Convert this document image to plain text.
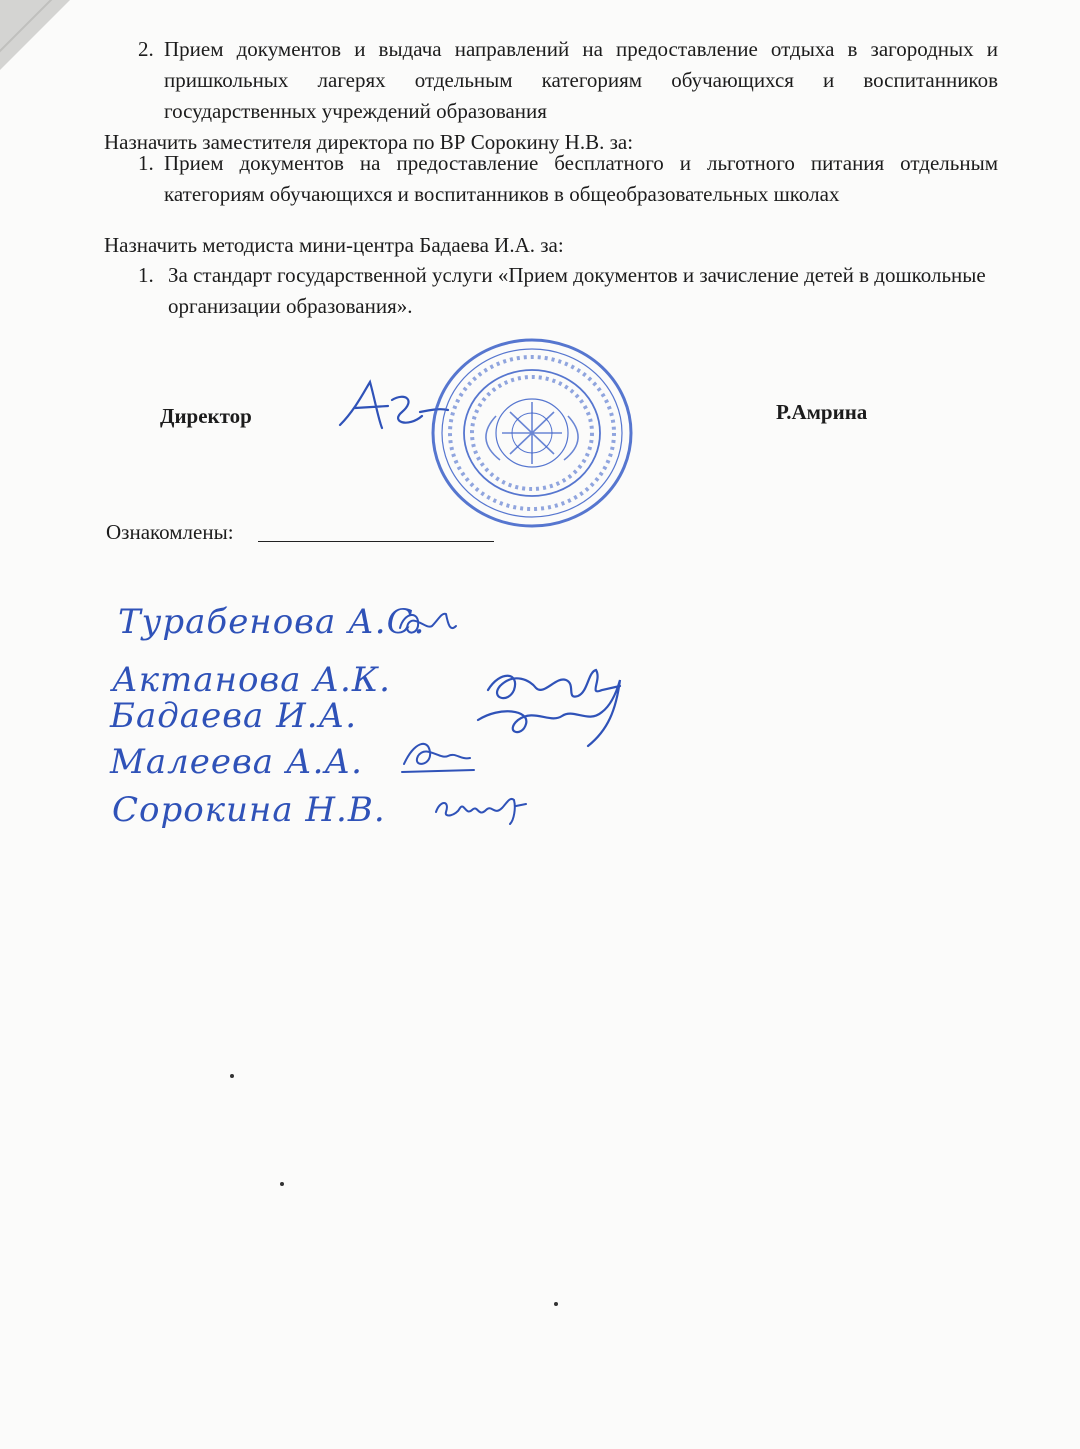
2. Прием документов и выдача направлений на предоставление отдыха в загородных и пришкольных лагерях отдельным категориям обучающихся и воспитанников государственных учреждений образования
Назначить заместителя директора по ВР Сорокину Н.В. за:
1. Прием документов на предоставление бесплатного и льготного питания отдельным категориям обучающихся и воспитанников в общеобразовательных школах
Назначить методиста мини-центра Бадаева И.А. за:
1. За стандарт государственной услуги «Прием документов и зачисление детей в дошкольные организации образования».
Директор	Р.Амрина
Ознакомлены:
Турабенова А.С.
Актанова А.К.
Бадаева И.А.
Малеева А.А.
Сорокина Н.В.
